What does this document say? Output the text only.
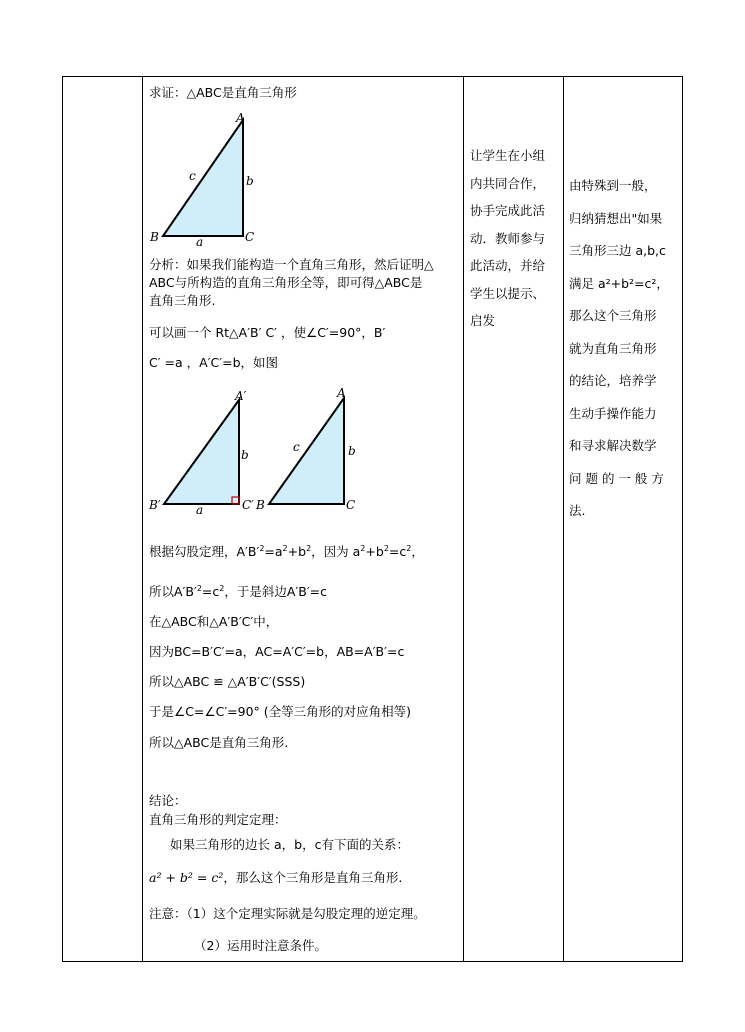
求证：△ABC是直角三角形
A
B	C
a
b
c
分析：如果我们能构造一个直角三角形，然后证明△
ABC与所构造的直角三角形全等，即可得△ABC是
直角三角形.
可以画一个 Rt△A′B′ C′ ，使∠C′=90°，B′
C′ =a ，A′C′=b，如图
A′
B′	C′
a
b
A
B	C
b
c
根据勾股定理，$A'B'^2=a^2+b^2$，因为 $a^2+b^2=c^2$，
所以$A'B'^2=c^2$，于是斜边A′B′=c
在△ABC和△A′B′C′中，
因为BC=B′C′=a，AC=A′C′=b，AB=A′B′=c
所以△ABC ≌ △A′B′C′(SSS)
于是∠C=∠C′=90° (全等三角形的对应角相等)
所以△ABC是直角三角形.
结论：
直角三角形的判定定理：
如果三角形的边长 a，b，c有下面的关系：
a² + b² = c²，那么这个三角形是直角三角形.
注意：（1）这个定理实际就是勾股定理的逆定理。
（2）运用时注意条件。
让学生在小组
内共同合作，
协手完成此活
动．教师参与
此活动，并给
学生以提示、
启发
由特殊到一般，
归纳猜想出"如果
三角形三边 a,b,c
满足 a²+b²=c²，
那么这个三角形
就为直角三角形
的结论，培养学
生动手操作能力
和寻求解决数学
问 题 的 一 般 方
法.
